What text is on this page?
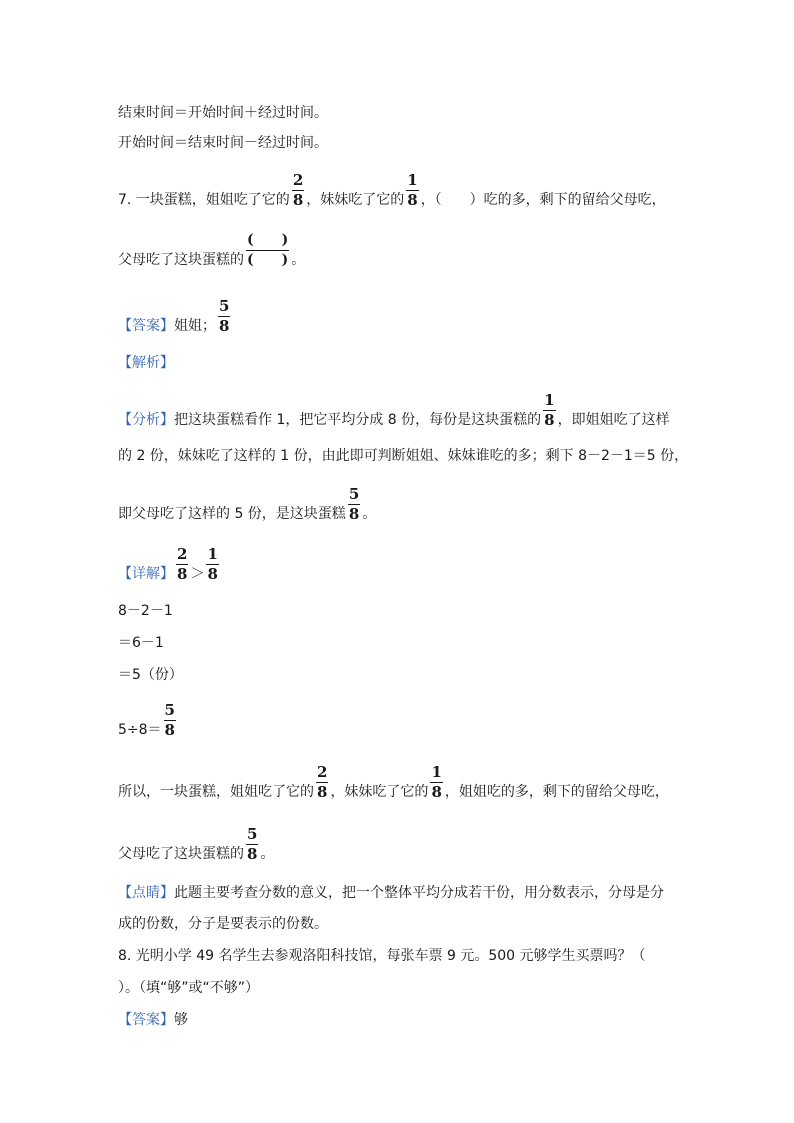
结束时间＝开始时间＋经过时间。
开始时间＝结束时间－经过时间。
7. 一块蛋糕，姐姐吃了它的 $\frac{2}{8}$ ，妹妹吃了它的 $\frac{1}{8}$ ，（　　）吃的多，剩下的留给父母吃，
父母吃了这块蛋糕的 $\frac{( )}{( )}$ 。
【答案】姐姐； $\frac{5}{8}$
【解析】
【分析】把这块蛋糕看作 1，把它平均分成 8 份，每份是这块蛋糕的 $\frac{1}{8}$ ，即姐姐吃了这样
的 2 份，妹妹吃了这样的 1 份，由此即可判断姐姐、妹妹谁吃的多；剩下 8－2－1＝5 份，
即父母吃了这样的 5 份，是这块蛋糕 $\frac{5}{8}$ 。
【详解】 $\frac{2}{8} > \frac{1}{8}$
8－2－1
＝6－1
＝5（份）
$5\div 8= \frac{5}{8}$
所以，一块蛋糕，姐姐吃了它的 $\frac{2}{8}$ ，妹妹吃了它的 $\frac{1}{8}$ ，姐姐吃的多，剩下的留给父母吃，
父母吃了这块蛋糕的 $\frac{5}{8}$ 。
【点睛】此题主要考查分数的意义，把一个整体平均分成若干份，用分数表示，分母是分
成的份数，分子是要表示的份数。
8. 光明小学 49 名学生去参观洛阳科技馆，每张车票 9 元。500 元够学生买票吗？（
）。（填“够”或“不够”）
【答案】够
